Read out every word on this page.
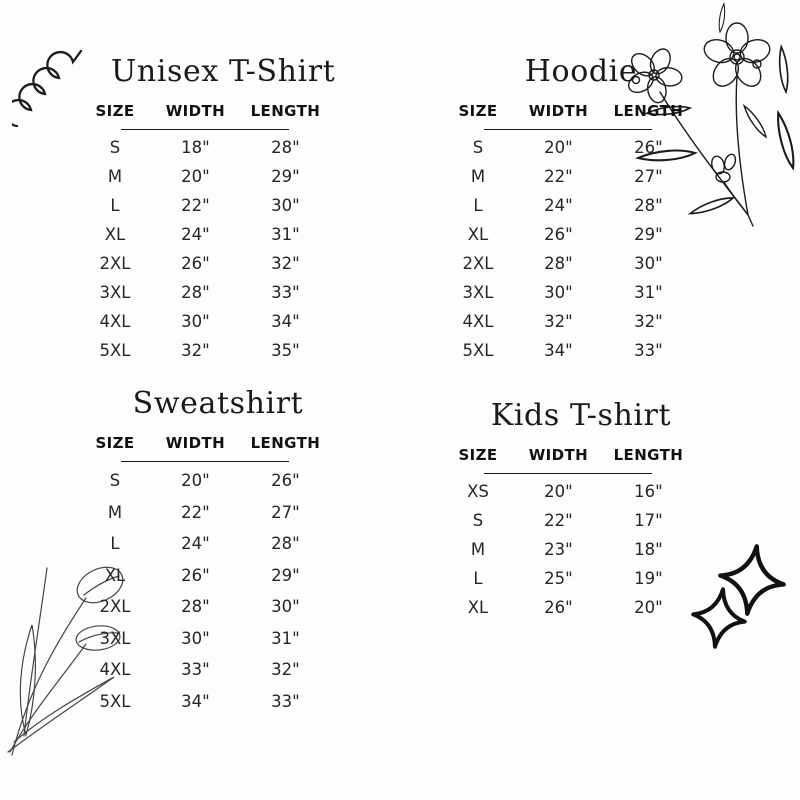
Unisex T-Shirt
SIZE	WIDTH	LENGTH
S	18"	28"
M	20"	29"
L	22"	30"
XL	24"	31"
2XL	26"	32"
3XL	28"	33"
4XL	30"	34"
5XL	32"	35"
Hoodie
SIZE	WIDTH	LENGTH
S	20"	26"
M	22"	27"
L	24"	28"
XL	26"	29"
2XL	28"	30"
3XL	30"	31"
4XL	32"	32"
5XL	34"	33"
Sweatshirt
SIZE	WIDTH	LENGTH
S	20"	26"
M	22"	27"
L	24"	28"
XL	26"	29"
2XL	28"	30"
3XL	30"	31"
4XL	33"	32"
5XL	34"	33"
Kids T-shirt
SIZE	WIDTH	LENGTH
XS	20"	16"
S	22"	17"
M	23"	18"
L	25"	19"
XL	26"	20"
